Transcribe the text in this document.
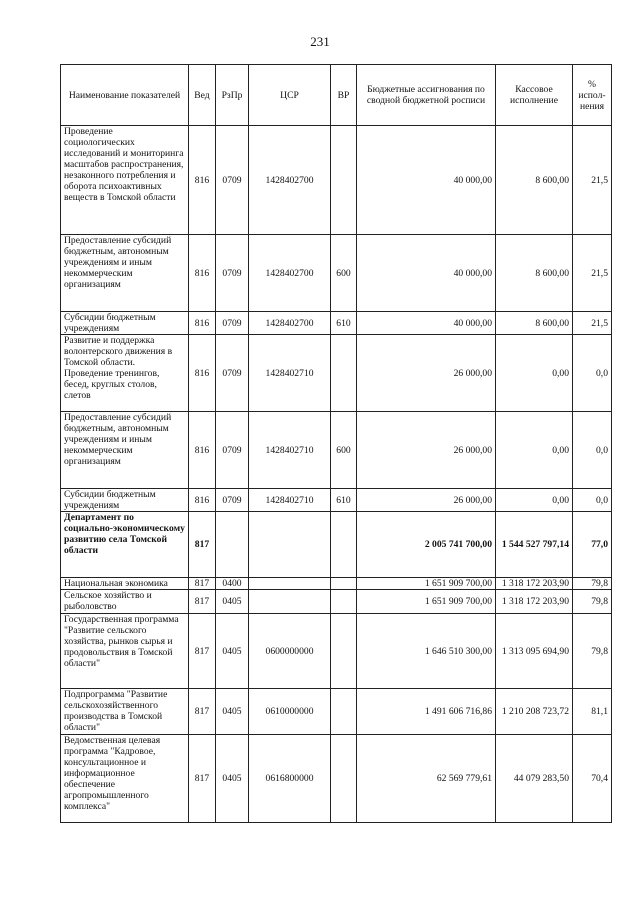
231
Наименование показателей	Вед	РзПр	ЦСР	ВР	Бюджетные ассигнования по сводной бюджетной росписи	Кассовое исполнение	% испол-нения
Проведение социологических исследований и мониторинга масштабов распространения, незаконного потребления и оборота психоактивных веществ в Томской области	816	0709	1428402700		40 000,00	8 600,00	21,5
Предоставление субсидий бюджетным, автономным учреждениям и иным некоммерческим организациям	816	0709	1428402700	600	40 000,00	8 600,00	21,5
Субсидии бюджетным учреждениям	816	0709	1428402700	610	40 000,00	8 600,00	21,5
Развитие и поддержка волонтерского движения в Томской области. Проведение тренингов, бесед, круглых столов, слетов	816	0709	1428402710		26 000,00	0,00	0,0
Предоставление субсидий бюджетным, автономным учреждениям и иным некоммерческим организациям	816	0709	1428402710	600	26 000,00	0,00	0,0
Субсидии бюджетным учреждениям	816	0709	1428402710	610	26 000,00	0,00	0,0
Департамент по социально-экономическому развитию села Томской области	817				2 005 741 700,00	1 544 527 797,14	77,0
Национальная экономика	817	0400			1 651 909 700,00	1 318 172 203,90	79,8
Сельское хозяйство и рыболовство	817	0405			1 651 909 700,00	1 318 172 203,90	79,8
Государственная программа "Развитие сельского хозяйства, рынков сырья и продовольствия в Томской области"	817	0405	0600000000		1 646 510 300,00	1 313 095 694,90	79,8
Подпрограмма "Развитие сельскохозяйственного производства в Томской области"	817	0405	0610000000		1 491 606 716,86	1 210 208 723,72	81,1
Ведомственная целевая программа "Кадровое, консультационное и информационное обеспечение агропромышленного комплекса"	817	0405	0616800000		62 569 779,61	44 079 283,50	70,4
